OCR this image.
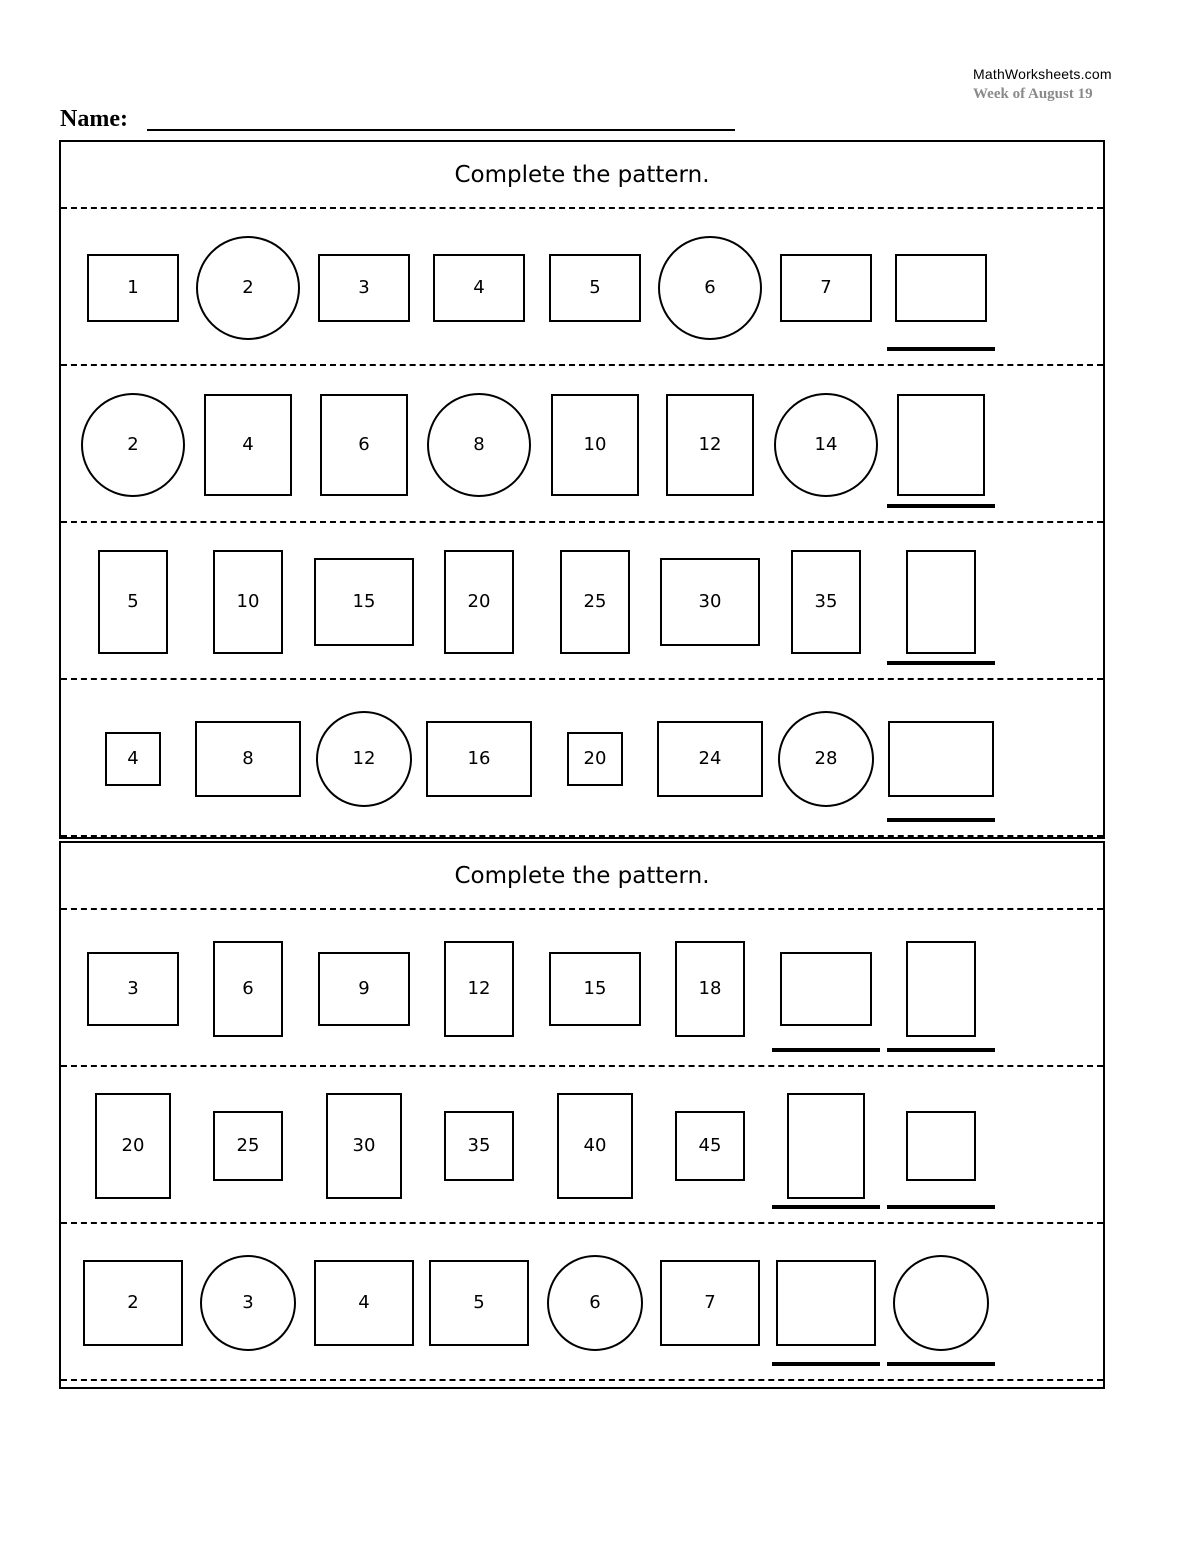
MathWorksheets.com
Week of August 19
Name:
Complete the pattern.
1	2	3	4	5	6	7
2	4	6	8	10	12	14
5	10	15	20	25	30	35
4	8	12	16	20	24	28
Complete the pattern.
3	6	9	12	15	18
20	25	30	35	40	45
2	3	4	5	6	7
